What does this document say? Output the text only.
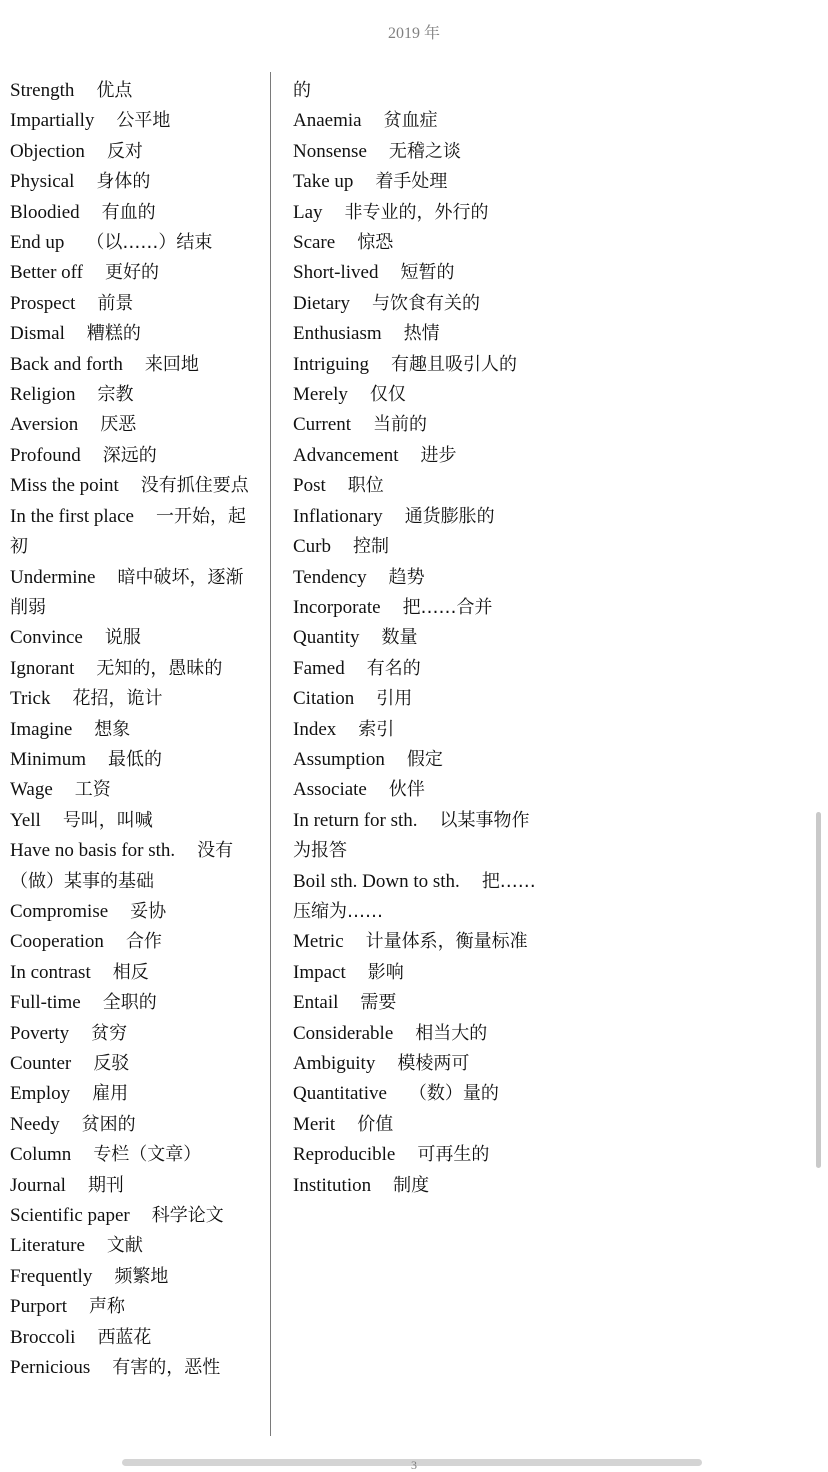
2019 年

Strength 优点

Impartially 公平地

Objection 反对

Physical 身体的

Bloodied 有血的

End up （以……）结束

Better off 更好的

Prospect 前景

Dismal 糟糕的

Back and forth 来回地

Religion 宗教

Aversion 厌恶

Profound 深远的

Miss the point 没有抓住要点

In the first place 一开始，起初

Undermine 暗中破坏，逐渐削弱

Convince 说服

Ignorant 无知的，愚昧的

Trick 花招，诡计

Imagine 想象

Minimum 最低的

Wage 工资

Yell 号叫，叫喊

Have no basis for sth. 没有（做）某事的基础

Compromise 妥协

Cooperation 合作

In contrast 相反

Full-time 全职的

Poverty 贫穷

Counter 反驳

Employ 雇用

Needy 贫困的

Column 专栏（文章）

Journal 期刊

Scientific paper 科学论文

Literature 文献

Frequently 频繁地

Purport 声称

Broccoli 西蓝花

Pernicious 有害的，恶性

的

Anaemia 贫血症

Nonsense 无稽之谈

Take up 着手处理

Lay 非专业的，外行的

Scare 惊恐

Short-lived 短暂的

Dietary 与饮食有关的

Enthusiasm 热情

Intriguing 有趣且吸引人的

Merely 仅仅

Current 当前的

Advancement 进步

Post 职位

Inflationary 通货膨胀的

Curb 控制

Tendency 趋势

Incorporate 把……合并

Quantity 数量

Famed 有名的

Citation 引用

Index 索引

Assumption 假定

Associate 伙伴

In return for sth. 以某事物作为报答

Boil sth. Down to sth. 把……压缩为……

Metric 计量体系，衡量标准

Impact 影响

Entail 需要

Considerable 相当大的

Ambiguity 模棱两可

Quantitative （数）量的

Merit 价值

Reproducible 可再生的

Institution 制度

3
